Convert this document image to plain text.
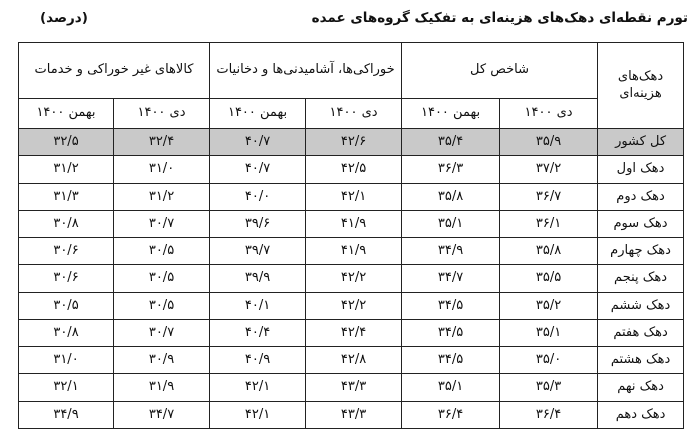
تورم نقطه‌ای دهک‌های هزینه‌ای به تفکیک گروه‌های عمده
(درصد)
دهک‌های هزینه‌ای	شاخص کل		خوراکی‌ها، آشامیدنی‌ها و دخانیات		کالاهای غیر خوراکی و خدمات	
	دی ۱۴۰۰	بهمن ۱۴۰۰	دی ۱۴۰۰	بهمن ۱۴۰۰	دی ۱۴۰۰	بهمن ۱۴۰۰
کل کشور	۳۵/۹	۳۵/۴	۴۲/۶	۴۰/۷	۳۲/۴	۳۲/۵
دهک اول	۳۷/۲	۳۶/۳	۴۲/۵	۴۰/۷	۳۱/۰	۳۱/۲
دهک دوم	۳۶/۷	۳۵/۸	۴۲/۱	۴۰/۰	۳۱/۲	۳۱/۳
دهک سوم	۳۶/۱	۳۵/۱	۴۱/۹	۳۹/۶	۳۰/۷	۳۰/۸
دهک چهارم	۳۵/۸	۳۴/۹	۴۱/۹	۳۹/۷	۳۰/۵	۳۰/۶
دهک پنجم	۳۵/۵	۳۴/۷	۴۲/۲	۳۹/۹	۳۰/۵	۳۰/۶
دهک ششم	۳۵/۲	۳۴/۵	۴۲/۲	۴۰/۱	۳۰/۵	۳۰/۵
دهک هفتم	۳۵/۱	۳۴/۵	۴۲/۴	۴۰/۴	۳۰/۷	۳۰/۸
دهک هشتم	۳۵/۰	۳۴/۵	۴۲/۸	۴۰/۹	۳۰/۹	۳۱/۰
دهک نهم	۳۵/۳	۳۵/۱	۴۳/۳	۴۲/۱	۳۱/۹	۳۲/۱
دهک دهم	۳۶/۴	۳۶/۴	۴۳/۳	۴۲/۱	۳۴/۷	۳۴/۹
